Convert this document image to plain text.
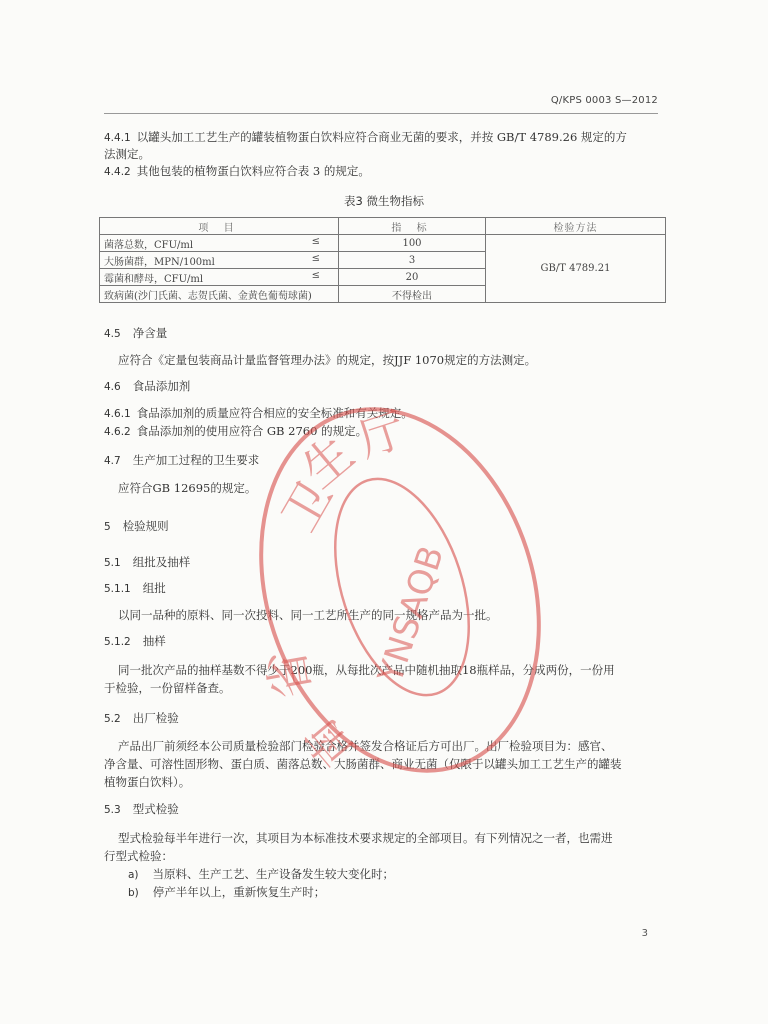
Q/KPS 0003 S—2012
4.4.1 以罐头加工工艺生产的罐装植物蛋白饮料应符合商业无菌的要求，并按 GB/T 4789.26 规定的方
法测定。
4.4.2 其他包装的植物蛋白饮料应符合表 3 的规定。
表3 微生物指标
项 目	指 标	检验方法
菌落总数，CFU/ml ≤	100	GB/T 4789.21
大肠菌群，MPN/100ml ≤	3	
霉菌和酵母，CFU/ml ≤	20	
致病菌(沙门氏菌、志贺氏菌、金黄色葡萄球菌)	不得检出	
4.5 净含量
应符合《定量包装商品计量监督管理办法》的规定，按JJF 1070规定的方法测定。
4.6 食品添加剂
4.6.1 食品添加剂的质量应符合相应的安全标准和有关规定。
4.6.2 食品添加剂的使用应符合 GB 2760 的规定。
4.7 生产加工过程的卫生要求
应符合GB 12695的规定。
5 检验规则
5.1 组批及抽样
5.1.1 组批
以同一品种的原料、同一次投料、同一工艺所生产的同一规格产品为一批。
5.1.2 抽样
同一批次产品的抽样基数不得少于200瓶，从每批次产品中随机抽取18瓶样品，分成两份，一份用
于检验，一份留样备查。
5.2 出厂检验
产品出厂前须经本公司质量检验部门检验合格并签发合格证后方可出厂。出厂检验项目为：感官、
净含量、可溶性固形物、蛋白质、菌落总数、大肠菌群、商业无菌（仅限于以罐头加工工艺生产的罐装
植物蛋白饮料）。
5.3 型式检验
型式检验每半年进行一次，其项目为本标准技术要求规定的全部项目。有下列情况之一者，也需进
行型式检验：
a) 当原料、生产工艺、生产设备发生较大变化时；
b) 停产半年以上，重新恢复生产时；
3
卫
生
厅
省
南
YNSAQB
